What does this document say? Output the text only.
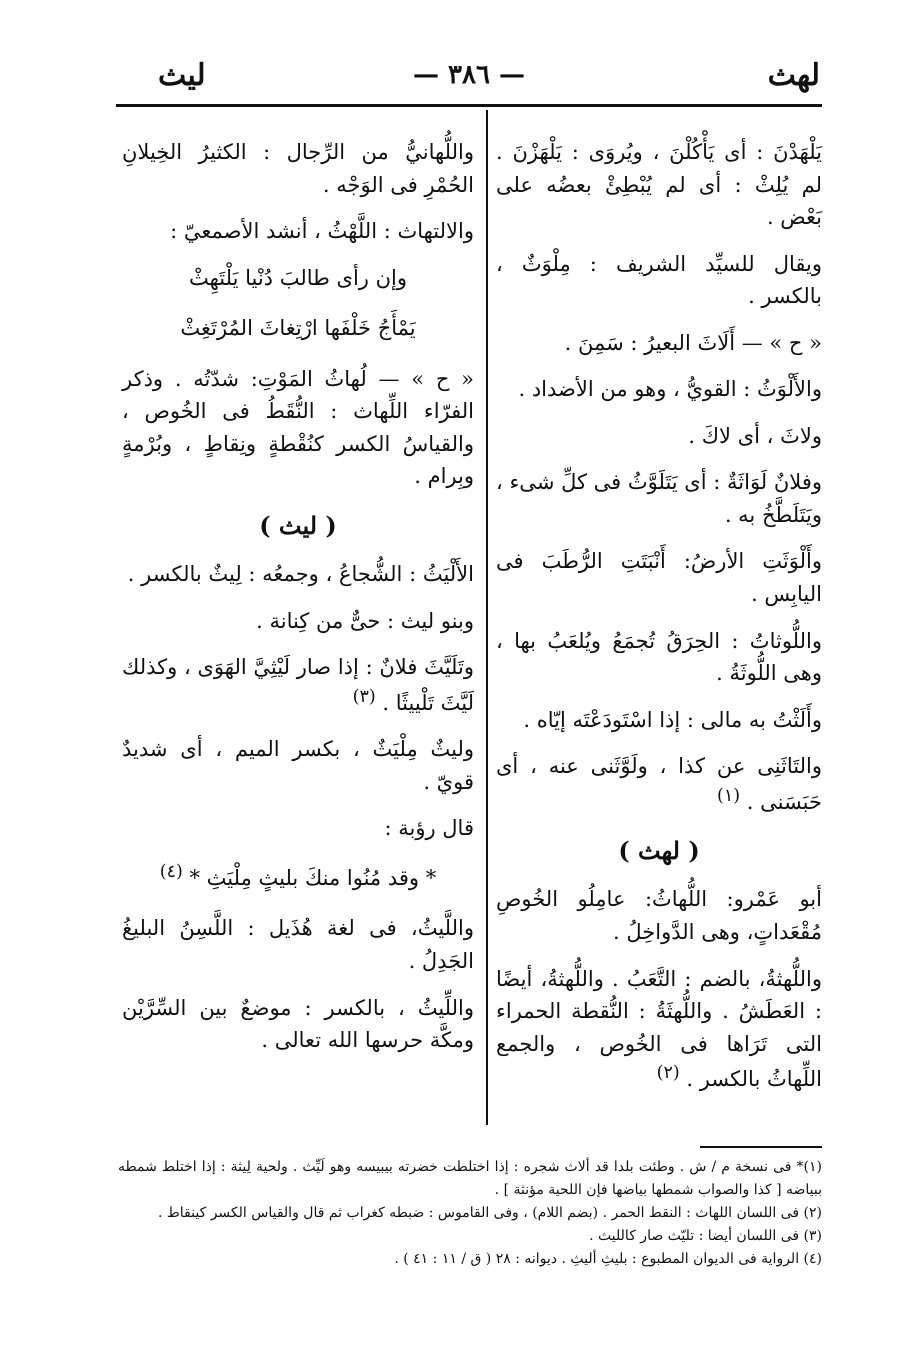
لهث
— ٣٨٦ —
ليث

يَلْهَدْنَ : أى يَأْكُلْنَ ، ويُروَى : يَلْهَزْنَ . لم يُلِثْ : أى لم يُبْطِئْ بعضُه على بَعْض .

ويقال للسيِّد الشريف : مِلْوَثٌ ، بالكسر .

« ح » — أَلَاثَ البعيرُ : سَمِنَ .

والأَلْوَثُ : القويُّ ، وهو من الأضداد .

ولاثَ ، أى لاكَ .

وفلانٌ لَوَاثَةٌ : أى يَتَلَوَّثُ فى كلِّ شىء ، ويَتَلَطَّخُ به .

وأَلْوَثَتِ الأرضُ: أَنْبَتَتِ الرُّطَبَ فى اليابِس .

واللُّوثاتُ : الحِرَقُ تُجمَعُ ويُلعَبُ بها ، وهى اللُّوثَةُ .

وأَلَثْتُ به مالى : إذا اسْتَودَعْتَه إيّاه .

والتَاثَنِى عن كذا ، ولَوَّثَنى عنه ، أى حَبَسَنى . $^{(١)}$

( لهث )

أبو عَمْرو: اللُّهاثُ: عامِلُو الخُوصِ مُقْعَداتٍ، وهى الدَّواخِلُ .

واللُّهثةُ، بالضم : التَّعَبُ . واللُّهثةُ، أيضًا : العَطَشُ . واللُّهثَةُ : النُّقطة الحمراء التى تَرَاها فى الخُوص ، والجمع اللِّهاثُ بالكسر . $^{(٢)}$

واللُّهانيُّ من الرِّجال : الكثيرُ الخِيلانِ الحُمْرِ فى الوَجْه .

والالتهاث : اللَّهْثُ ، أنشد الأصمعيّ :

وإن رأى طالبَ دُنْيا يَلْتَهِثْ

يَمْأَجُ خَلْفَها ارْتِغاثَ المُرْتَغِثْ

« ح » — لُهاثُ المَوْتِ: شدّتُه . وذكر الفرّاء اللِّهاث : النُّقَطُ فى الخُوص ، والقياسُ الكسر كنُقْطةٍ ونِقاطٍ ، وبُرْمةٍ وبِرام .

( ليث )

الأَلْيَثُ : الشُّجاعُ ، وجمعُه : لِيثٌ بالكسر .

وبنو ليث : حىٌّ من كِنانة .

وتَلَيَّثَ فلانٌ : إذا صار لَيْثِيَّ الهَوَى ، وكذلك لَيَّثَ تَلْييثًا . $^{(٣)}$

وليثٌ مِلْيَثٌ ، بكسر الميم ، أى شديدٌ قويّ .

قال رؤبة :

* وقد مُنُوا منكَ بليثٍ مِلْيَثِ * $^{(٤)}$

واللَّيثُ، فى لغة هُذَيل : اللَّسِنُ البليغُ الجَدِلُ .

واللِّيثُ ، بالكسر : موضعٌ بين السِّرَّيْن ومكَّة حرسها الله تعالى .

(١)* فى نسخة م / ش . وطئت بلدا قد ألاث شجره : إذا اختلطت خضرته بيبيسه وهو لَيِّث . ولحية لِيثة : إذا اختلط شمطه ببياضه [ كذا والصواب شمطها بياضها فإن اللحية مؤنثة ] .

(٢) فى اللسان اللهاث : النقط الحمر . (بضم اللام) ، وفى القاموس : ضبطه كغراب ثم قال والقياس الكسر كينقاط .

(٣) فى اللسان أيضا : تليّث صار كالليث .

(٤) الرواية فى الديوان المطبوع : بليثِ أليثِ . ديوانه : ٢٨ ( ق / ١١ : ٤١ ) .
